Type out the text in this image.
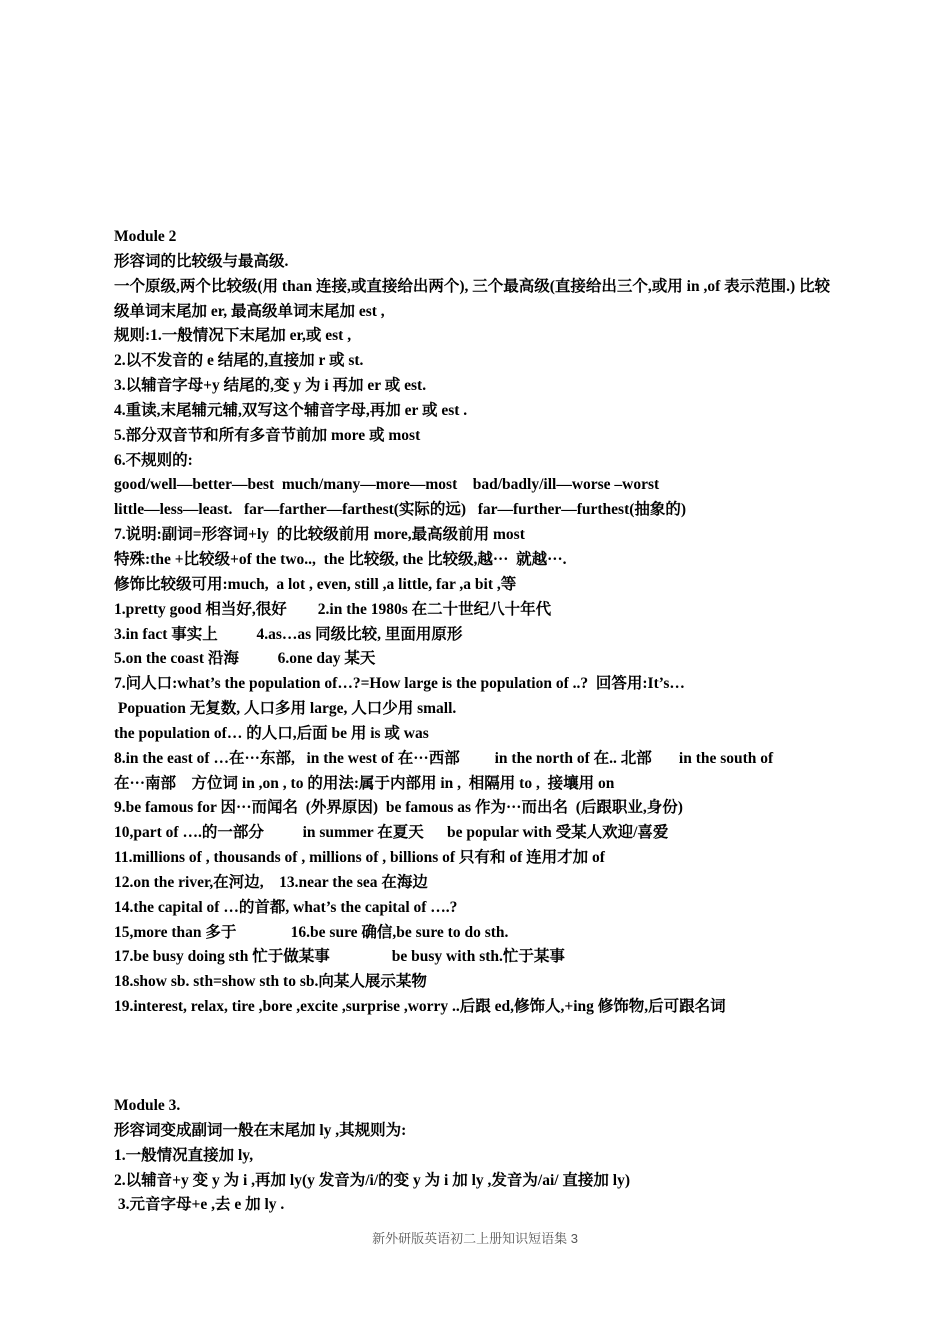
Module 2
形容词的比较级与最高级.
一个原级,两个比较级(用 than 连接,或直接给出两个), 三个最高级(直接给出三个,或用 in ,of 表示范围.) 比较级单词末尾加 er, 最高级单词末尾加 est ,
规则:1.一般情况下末尾加 er,或 est ,
2.以不发音的 e 结尾的,直接加 r 或 st.
3.以辅音字母+y 结尾的,变 y 为 i 再加 er 或 est.
4.重读,末尾辅元辅,双写这个辅音字母,再加 er 或 est .
5.部分双音节和所有多音节前加 more 或 most
6.不规则的:
good/well—better—best  much/many—more—most    bad/badly/ill—worse –worst
little—less—least.   far—farther—farthest(实际的远)   far—further—furthest(抽象的)
7.说明:副词=形容词+ly  的比较级前用 more,最高级前用 most
特殊:the +比较级+of the two..,  the 比较级, the 比较级,越···  就越···.
修饰比较级可用:much,  a lot , even, still ,a little, far ,a bit ,等
1.pretty good 相当好,很好        2.in the 1980s 在二十世纪八十年代
3.in fact 事实上          4.as…as 同级比较, 里面用原形
5.on the coast 沿海          6.one day 某天
7.问人口:what’s the population of…?=How large is the population of ..?  回答用:It’s…
Popuation 无复数, 人口多用 large, 人口少用 small.
the population of… 的人口,后面 be 用 is 或 was
8.in the east of …在···东部,   in the west of 在···西部         in the north of 在.. 北部       in the south of
在···南部    方位词 in ,on , to 的用法:属于内部用 in ,  相隔用 to ,  接壤用 on
9.be famous for 因···而闻名  (外界原因)  be famous as 作为···而出名  (后跟职业,身份)
10,part of ….的一部分          in summer 在夏天      be popular with 受某人欢迎/喜爱
11.millions of , thousands of , millions of , billions of 只有和 of 连用才加 of
12.on the river,在河边,    13.near the sea 在海边
14.the capital of …的首都, what’s the capital of ….?
15,more than 多于              16.be sure 确信,be sure to do sth.
17.be busy doing sth 忙于做某事                be busy with sth.忙于某事
18.show sb. sth=show sth to sb.向某人展示某物
19.interest, relax, tire ,bore ,excite ,surprise ,worry ..后跟 ed,修饰人,+ing 修饰物,后可跟名词
Module 3.
形容词变成副词一般在末尾加 ly ,其规则为:
1.一般情况直接加 ly,
2.以辅音+y 变 y 为 i ,再加 ly(y 发音为/i/的变 y 为 i 加 ly ,发音为/ai/ 直接加 ly)
3.元音字母+e ,去 e 加 ly .
新外研版英语初二上册知识短语集 3
